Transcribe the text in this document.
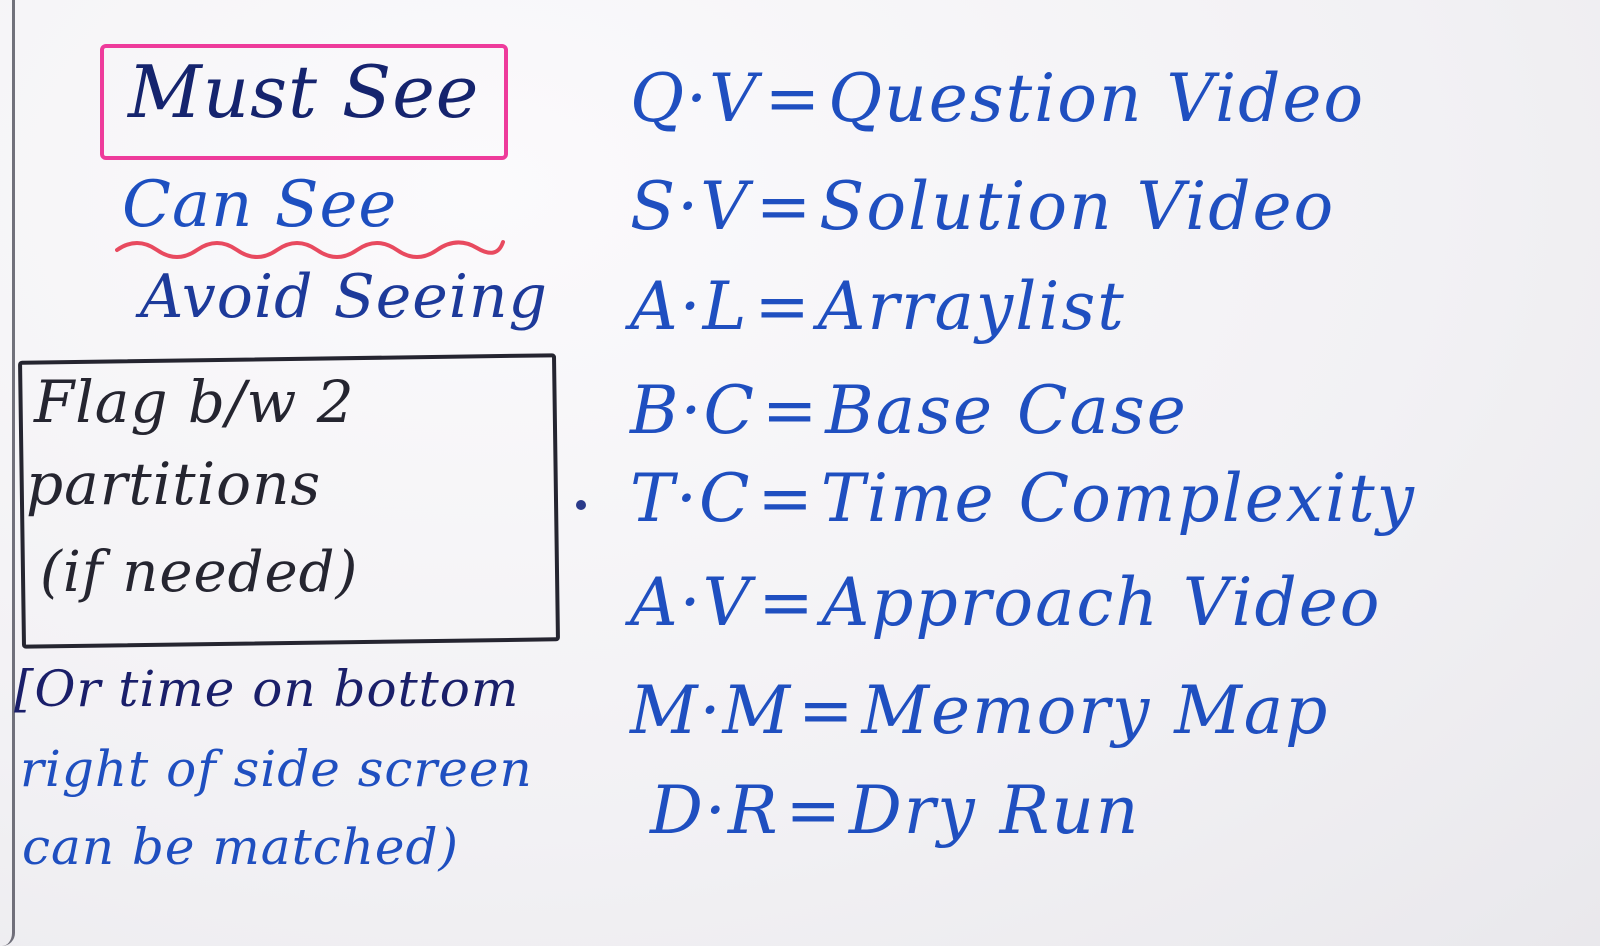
Must See
Can See
Avoid Seeing
Flag b/w 2
partitions
(if needed)
[Or time on bottom
right of side screen
can be matched)
Q·V=Question Video
S·V=Solution Video
A·L=Arraylist
B·C=Base Case
T·C=Time Complexity
A·V=Approach Video
M·M=Memory Map
D·R=Dry Run
